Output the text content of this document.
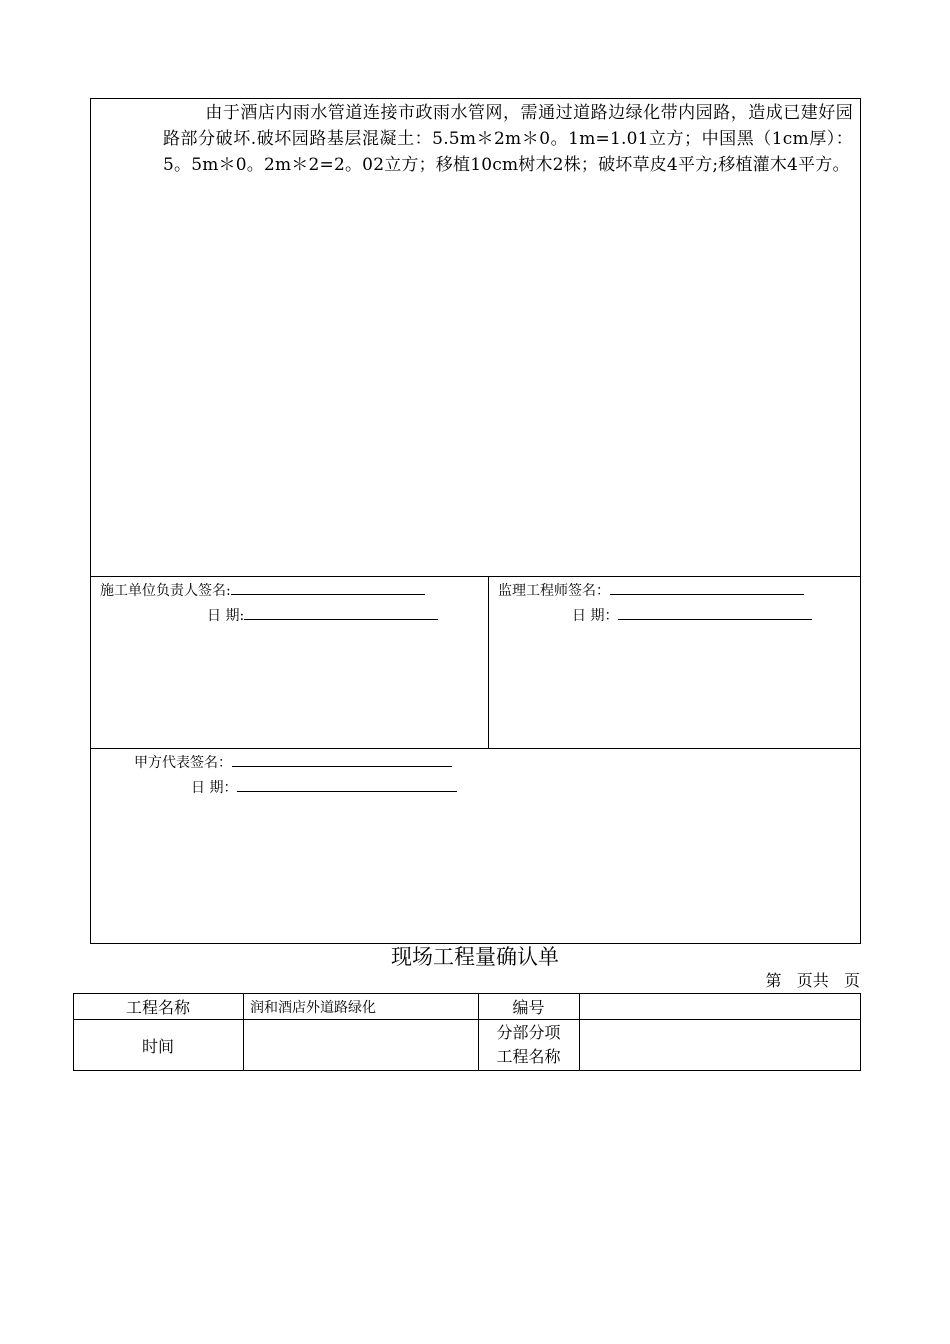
由于酒店内雨水管道连接市政雨水管网，需通过道路边绿化带内园路，造成已建好园路部分破坏.破坏园路基层混凝土：5.5m＊2m＊0。1m=1.01立方；中国黑（1cm厚）：5。5m＊0。2m＊2=2。02立方；移植10cm树木2株；破坏草皮4平方;移植灌木4平方。
施工单位负责人签名:
日 期:
监理工程师签名：
日 期：
甲方代表签名：
日 期：
现场工程量确认单
第   页共   页
工程名称	润和酒店外道路绿化	编号
时间
分部分项
工程名称
